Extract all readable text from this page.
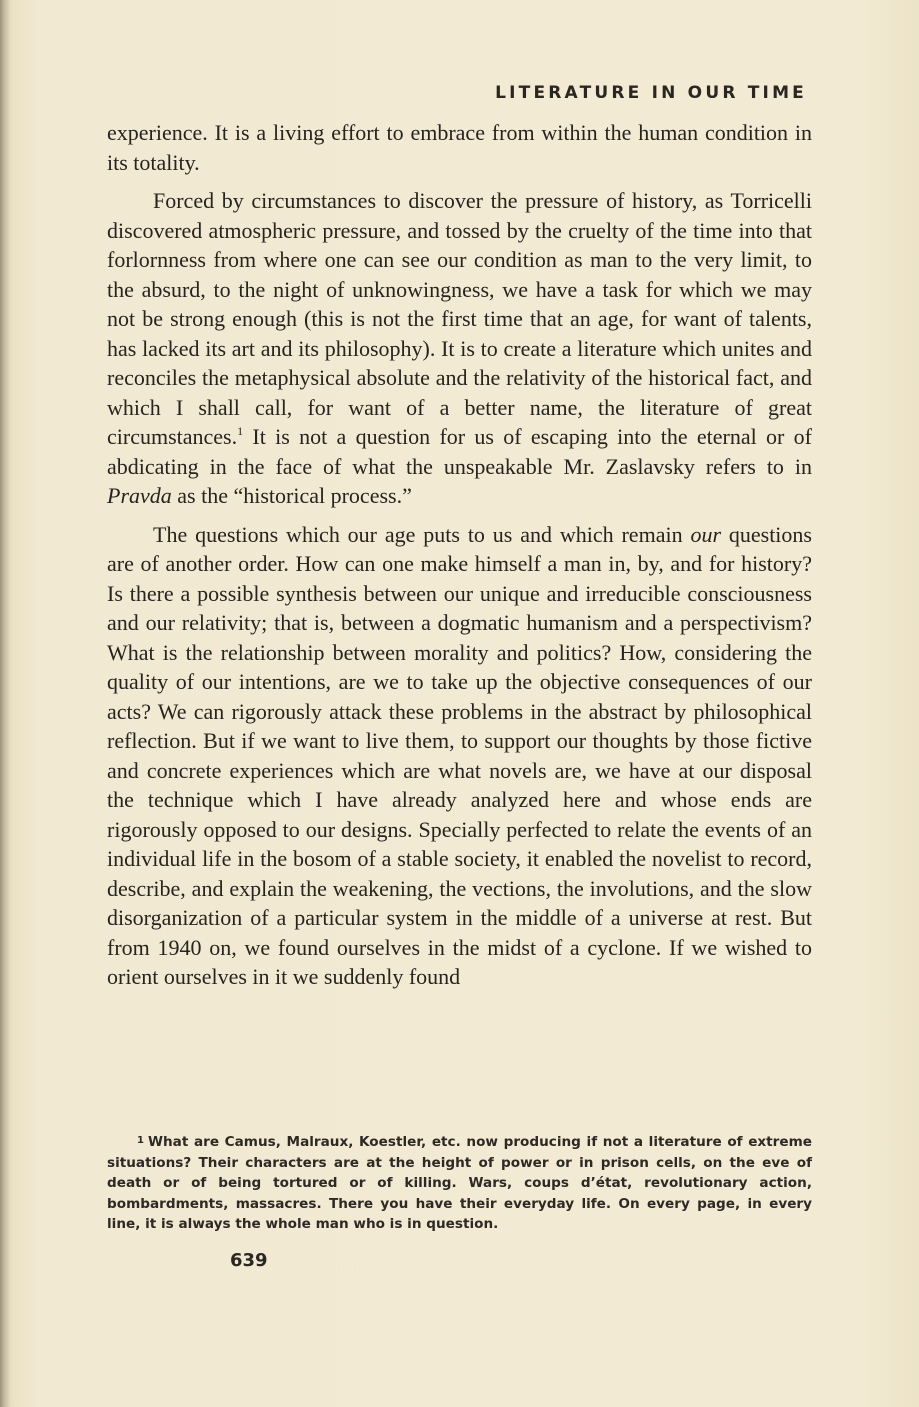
LITERATURE IN OUR TIME

experience. It is a living effort to embrace from within the human condition in its totality.

Forced by circumstances to discover the pressure of history, as Torricelli discovered atmospheric pressure, and tossed by the cruelty of the time into that forlornness from where one can see our condition as man to the very limit, to the absurd, to the night of unknowingness, we have a task for which we may not be strong enough (this is not the first time that an age, for want of talents, has lacked its art and its philosophy). It is to create a literature which unites and reconciles the metaphysical absolute and the relativity of the historical fact, and which I shall call, for want of a better name, the literature of great circumstances.$^1$ It is not a question for us of escaping into the eternal or of abdicating in the face of what the unspeakable Mr. Zaslavsky refers to in Pravda as the “historical process.”

The questions which our age puts to us and which remain our questions are of another order. How can one make himself a man in, by, and for history? Is there a possible synthesis between our unique and irreducible consciousness and our relativity; that is, between a dogmatic humanism and a perspectivism? What is the relationship between morality and politics? How, considering the quality of our intentions, are we to take up the objective consequences of our acts? We can rigorously attack these problems in the abstract by philosophical reflection. But if we want to live them, to support our thoughts by those fictive and concrete experiences which are what novels are, we have at our disposal the technique which I have already analyzed here and whose ends are rigorously opposed to our designs. Specially perfected to relate the events of an individual life in the bosom of a stable society, it enabled the novelist to record, describe, and explain the weakening, the vections, the involutions, and the slow disorganization of a particular system in the middle of a universe at rest. But from 1940 on, we found ourselves in the midst of a cyclone. If we wished to orient ourselves in it we suddenly found

1 What are Camus, Malraux, Koestler, etc. now producing if not a literature of extreme situations? Their characters are at the height of power or in prison cells, on the eve of death or of being tortured or of killing. Wars, coups d’état, revolutionary action, bombardments, massacres. There you have their everyday life. On every page, in every line, it is always the whole man who is in question.
639
